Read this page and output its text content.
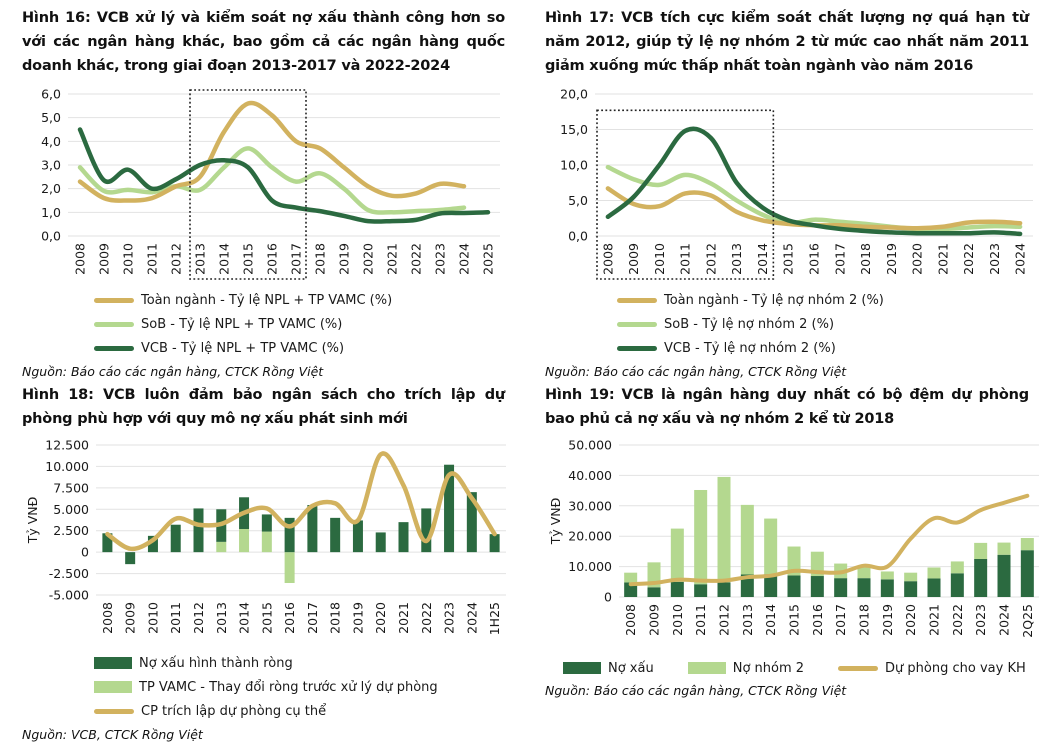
Hình 16: VCB xử lý và kiểm soát nợ xấu thành công hơn so với các ngân hàng khác, bao gồm cả các ngân hàng quốc doanh khác, trong giai đoạn 2013-2017 và 2022-2024
0,0
1,0
2,0
3,0
4,0
5,0
6,0
2008 2009 2010 2011 2012 2013 2014 2015 2016 2017 2018 2019 2020 2021 2022 2023 2024 2025
Toàn ngành - Tỷ lệ NPL + TP VAMC (%)
SoB - Tỷ lệ NPL + TP VAMC (%)
VCB - Tỷ lệ NPL + TP VAMC (%)

Nguồn: Báo cáo các ngân hàng, CTCK Rồng Việt

Hình 17: VCB tích cực kiểm soát chất lượng nợ quá hạn từ năm 2012, giúp tỷ lệ nợ nhóm 2 từ mức cao nhất năm 2011 giảm xuống mức thấp nhất toàn ngành vào năm 2016
0,0
5,0
10,0
15,0
20,0
2008 2009 2010 2011 2012 2013 2014 2015 2016 2017 2018 2019 2020 2021 2022 2023 2024
Toàn ngành - Tỷ lệ nợ nhóm 2 (%)
SoB - Tỷ lệ nợ nhóm 2 (%)
VCB - Tỷ lệ nợ nhóm 2 (%)

Nguồn: Báo cáo các ngân hàng, CTCK Rồng Việt

Hình 18: VCB luôn đảm bảo ngân sách cho trích lập dự phòng phù hợp với quy mô nợ xấu phát sinh mới
-5.000
-2.500
0
2.500
5.000
7.500
10.000
12.500
Tỷ VNĐ
2008 2009 2010 2011 2012 2013 2014 2015 2016 2017 2018 2019 2020 2021 2022 2023 2024 1H25
Nợ xấu hình thành ròng
TP VAMC - Thay đổi ròng trước xử lý dự phòng
CP trích lập dự phòng cụ thể

Nguồn: VCB, CTCK Rồng Việt

Hình 19: VCB là ngân hàng duy nhất có bộ đệm dự phòng bao phủ cả nợ xấu và nợ nhóm 2 kể từ 2018
0
10.000
20.000
30.000
40.000
50.000
Tỷ VNĐ
2008 2009 2010 2011 2012 2013 2014 2015 2016 2017 2018 2019 2020 2021 2022 2023 2024 2Q25
Nợ xấu	Nợ nhóm 2	Dự phòng cho vay KH

Nguồn: Báo cáo các ngân hàng, CTCK Rồng Việt
